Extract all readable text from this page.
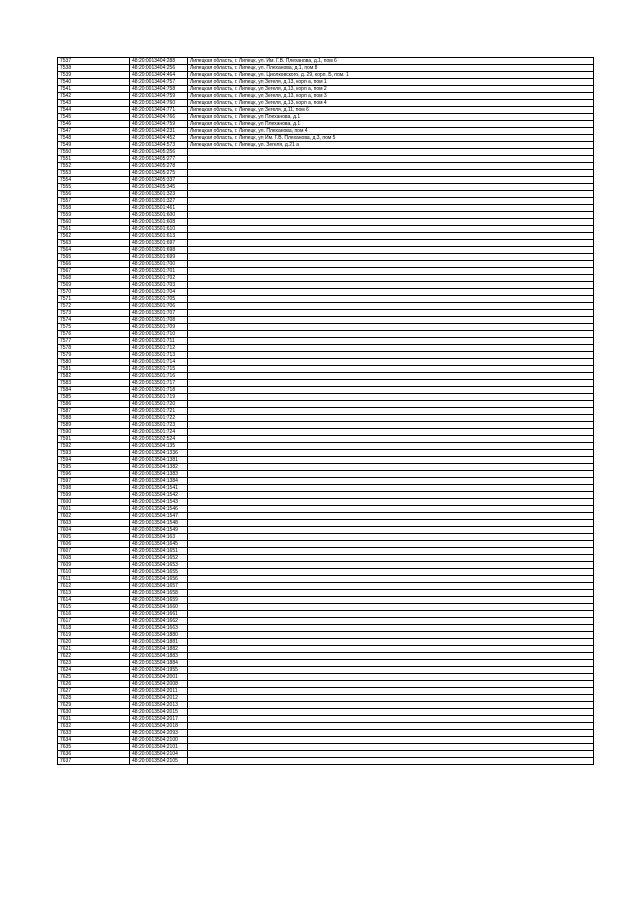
7537	48:20:0013404:288	Липецкая область, г. Липецк, ул. Им. Г.В. Плеханова, д.1, пом 6
7538	48:20:0013404:256	Липецкая область, г. Липецк, ул. Плеханова, д.1, пом 8
7539	48:20:0013404:464	Липецкая область, г. Липецк, ул. Циолковского, д. 29, корп. Б, пом. 1
7540	48:20:0013404:757	Липецкая область, г. Липецк, ул Зегеля, д.13, корп а, пом 1
7541	48:20:0013404:758	Липецкая область, г. Липецк, ул Зегеля, д.13, корп а, пом 2
7542	48:20:0013404:759	Липецкая область, г. Липецк, ул Зегеля, д.13, корп а, пом 3
7543	48:20:0013404:760	Липецкая область, г. Липецк, ул Зегеля, д.13, корп а, пом 4
7544	48:20:0013404:771	Липецкая область, г. Липецк, ул Зегеля, д.11, пом 6
7545	48:20:0013404:766	Липецкая область, г. Липецк, ул Плеханова, д.1
7546	48:20:0013404:759	Липецкая область, г. Липецк, ул Плеханова, д.1
7547	48:20:0013404:231	Липецкая область, г. Липецк, ул. Плеханова, пом 4
7548	48:20:0013404:452	Липецкая область, г. Липецк, ул Им. Г.В. Плеханова, д.3, пом 5
7549	48:20:0013404:573	Липецкая область, г. Липецк, ул. Зегеля, д.21 а
7550	48:20:0013405:256	
7551	48:20:0013405:277	
7552	48:20:0013405:278	
7553	48:20:0013405:275	
7554	48:20:0013405:337	
7555	48:20:0013405:345	
7556	48:20:0013501:323	
7557	48:20:0013501:327	
7558	48:20:0013501:461	
7559	48:20:0013501:600	
7560	48:20:0013501:608	
7561	48:20:0013501:610	
7562	48:20:0013501:613	
7563	48:20:0013501:697	
7564	48:20:0013501:698	
7565	48:20:0013501:699	
7566	48:20:0013501:700	
7567	48:20:0013501:701	
7568	48:20:0013501:702	
7569	48:20:0013501:703	
7570	48:20:0013501:704	
7571	48:20:0013501:705	
7572	48:20:0013501:706	
7573	48:20:0013501:707	
7574	48:20:0013501:708	
7575	48:20:0013501:709	
7576	48:20:0013501:710	
7577	48:20:0013501:711	
7578	48:20:0013501:712	
7579	48:20:0013501:713	
7580	48:20:0013501:714	
7581	48:20:0013501:715	
7582	48:20:0013501:716	
7583	48:20:0013501:717	
7584	48:20:0013501:718	
7585	48:20:0013501:719	
7586	48:20:0013501:720	
7587	48:20:0013501:721	
7588	48:20:0013501:722	
7589	48:20:0013501:723	
7590	48:20:0013501:724	
7591	48:20:0013502:524	
7592	48:20:0013504:135	
7593	48:20:0013504:1336	
7594	48:20:0013504:1381	
7595	48:20:0013504:1382	
7596	48:20:0013504:1383	
7597	48:20:0013504:1384	
7598	48:20:0013504:1541	
7599	48:20:0013504:1542	
7600	48:20:0013504:1543	
7601	48:20:0013504:1546	
7602	48:20:0013504:1547	
7603	48:20:0013504:1548	
7604	48:20:0013504:1549	
7605	48:20:0013504:163	
7606	48:20:0013504:1645	
7607	48:20:0013504:1651	
7608	48:20:0013504:1652	
7609	48:20:0013504:1653	
7610	48:20:0013504:1655	
7611	48:20:0013504:1656	
7612	48:20:0013504:1657	
7613	48:20:0013504:1658	
7614	48:20:0013504:1659	
7615	48:20:0013504:1660	
7616	48:20:0013504:1661	
7617	48:20:0013504:1662	
7618	48:20:0013504:1663	
7619	48:20:0013504:1880	
7620	48:20:0013504:1881	
7621	48:20:0013504:1882	
7622	48:20:0013504:1883	
7623	48:20:0013504:1884	
7624	48:20:0013504:1955	
7625	48:20:0013504:2001	
7626	48:20:0013504:2008	
7627	48:20:0013504:2011	
7628	48:20:0013504:2012	
7629	48:20:0013504:2013	
7630	48:20:0013504:2015	
7631	48:20:0013504:2017	
7632	48:20:0013504:2018	
7633	48:20:0013504:2093	
7634	48:20:0013504:2100	
7635	48:20:0013504:2101	
7636	48:20:0013504:2104	
7637	48:20:0013504:2105	
